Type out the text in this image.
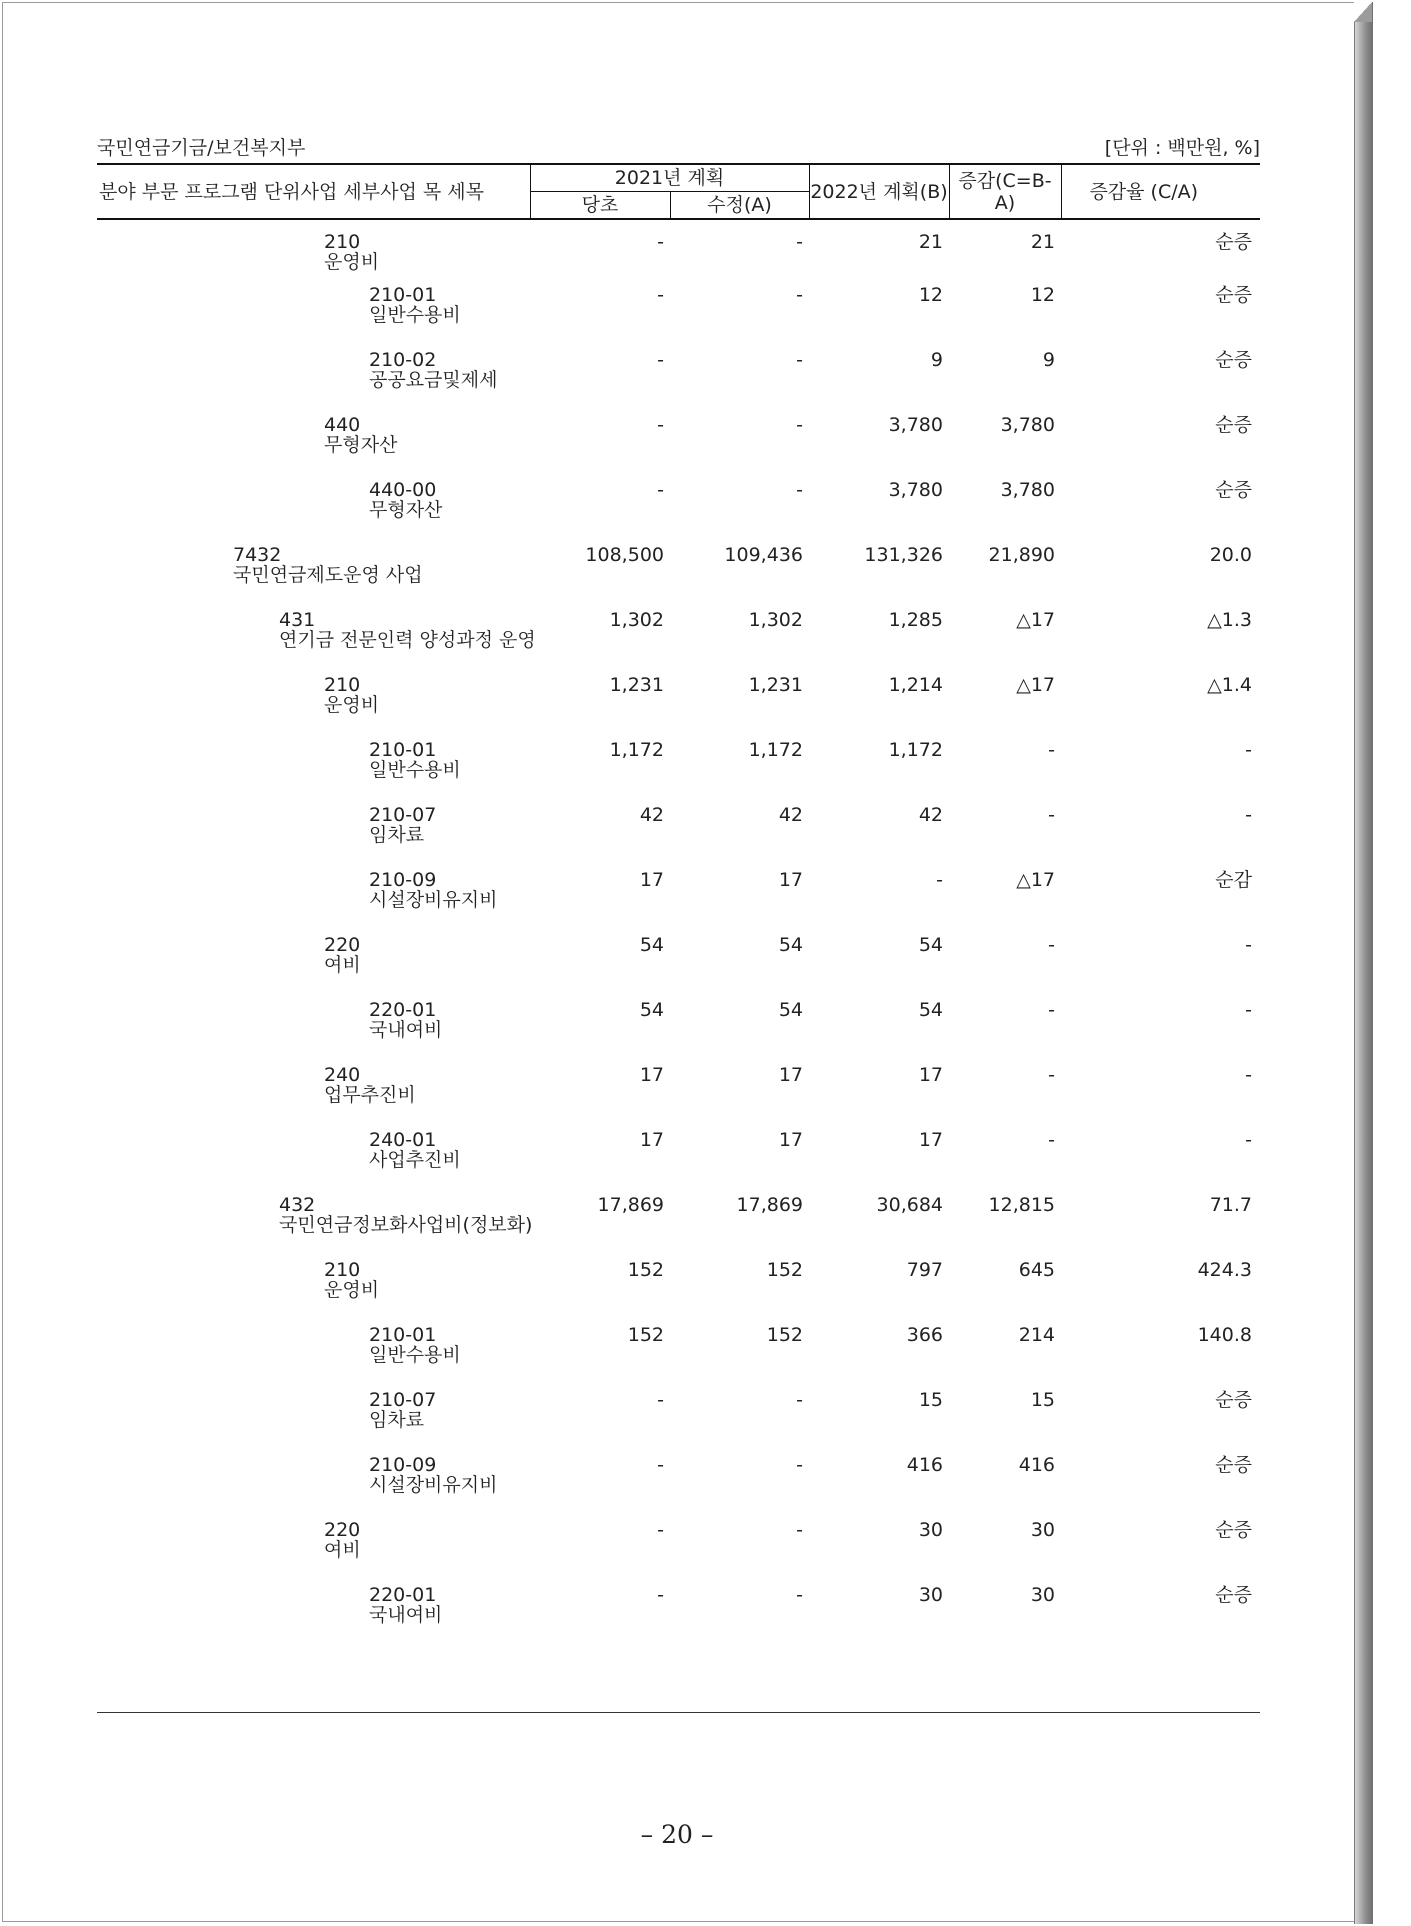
국민연금기금/보건복지부	[단위 : 백만원, %]
분야 부문 프로그램 단위사업 세부사업 목 세목	2021년 계획		2022년 계획(B)	증감(C=B-A)	증감율 (C/A)
	당초	수정(A)			

210
운영비	-	-	21	21	순증

210-01
일반수용비	-	-	12	12	순증

210-02
공공요금및제세	-	-	9	9	순증

440
무형자산	-	-	3,780	3,780	순증

440-00
무형자산	-	-	3,780	3,780	순증

7432
국민연금제도운영 사업	108,500	109,436	131,326	21,890	20.0

431
연기금 전문인력 양성과정 운영	1,302	1,302	1,285	△17	△1.3

210
운영비	1,231	1,231	1,214	△17	△1.4

210-01
일반수용비	1,172	1,172	1,172	-	-

210-07
임차료	42	42	42	-	-

210-09
시설장비유지비	17	17	-	△17	순감

220
여비	54	54	54	-	-

220-01
국내여비	54	54	54	-	-

240
업무추진비	17	17	17	-	-

240-01
사업추진비	17	17	17	-	-

432
국민연금정보화사업비(정보화)	17,869	17,869	30,684	12,815	71.7

210
운영비	152	152	797	645	424.3

210-01
일반수용비	152	152	366	214	140.8

210-07
임차료	-	-	15	15	순증

210-09
시설장비유지비	-	-	416	416	순증

220
여비	-	-	30	30	순증

220-01
국내여비	-	-	30	30	순증
– 20 –
